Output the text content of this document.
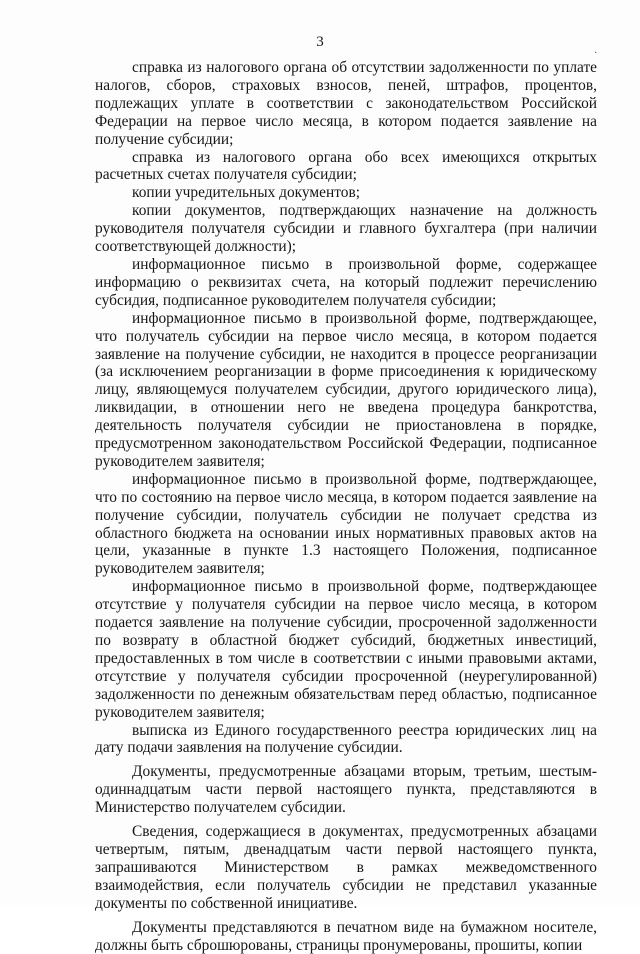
3
·

справка из налогового органа об отсутствии задолженности по уплате налогов, сборов, страховых взносов, пеней, штрафов, процентов, подлежащих уплате в соответствии с законодательством Российской Федерации на первое число месяца, в котором подается заявление на получение субсидии;

справка из налогового органа обо всех имеющихся открытых расчетных счетах получателя субсидии;

копии учредительных документов;

копии документов, подтверждающих назначение на должность руководителя получателя субсидии и главного бухгалтера (при наличии соответствующей должности);

информационное письмо в произвольной форме, содержащее информацию о реквизитах счета, на который подлежит перечислению субсидия, подписанное руководителем получателя субсидии;

информационное письмо в произвольной форме, подтверждающее, что получатель субсидии на первое число месяца, в котором подается заявление на получение субсидии, не находится в процессе реорганизации (за исключением реорганизации в форме присоединения к юридическому лицу, являющемуся получателем субсидии, другого юридического лица), ликвидации, в отношении него не введена процедура банкротства, деятельность получателя субсидии не приостановлена в порядке, предусмотренном законодательством Российской Федерации, подписанное руководителем заявителя;

информационное письмо в произвольной форме, подтверждающее, что по состоянию на первое число месяца, в котором подается заявление на получение субсидии, получатель субсидии не получает средства из областного бюджета на основании иных нормативных правовых актов на цели, указанные в пункте 1.3 настоящего Положения, подписанное руководителем заявителя;

информационное письмо в произвольной форме, подтверждающее отсутствие у получателя субсидии на первое число месяца, в котором подается заявление на получение субсидии, просроченной задолженности по возврату в областной бюджет субсидий, бюджетных инвестиций, предоставленных в том числе в соответствии с иными правовыми актами, отсутствие у получателя субсидии просроченной (неурегулированной) задолженности по денежным обязательствам перед областью, подписанное руководителем заявителя;

выписка из Единого государственного реестра юридических лиц на дату подачи заявления на получение субсидии.

Документы, предусмотренные абзацами вторым, третьим, шестым-одиннадцатым части первой настоящего пункта, представляются в Министерство получателем субсидии.

Сведения, содержащиеся в документах, предусмотренных абзацами четвертым, пятым, двенадцатым части первой настоящего пункта, запрашиваются Министерством в рамках межведомственного взаимодействия, если получатель субсидии не представил указанные документы по собственной инициативе.

Документы представляются в печатном виде на бумажном носителе, должны быть сброшюрованы, страницы пронумерованы, прошиты, копии
